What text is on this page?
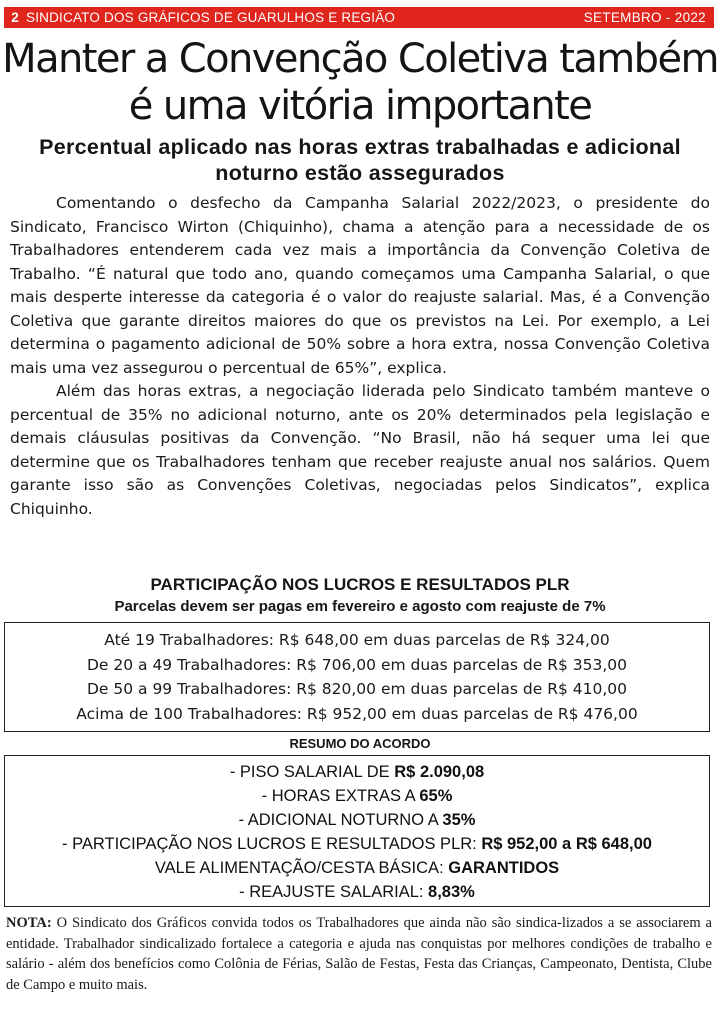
2 SINDICATO DOS GRÁFICOS DE GUARULHOS E REGIÃO	SETEMBRO - 2022
Manter a Convenção Coletiva também é uma vitória importante
Percentual aplicado nas horas extras trabalhadas e adicional noturno estão assegurados

Comentando o desfecho da Campanha Salarial 2022/2023, o presidente do Sindicato, Francisco Wirton (Chiquinho), chama a atenção para a necessidade de os Trabalhadores entenderem cada vez mais a importância da Convenção Coletiva de Trabalho. “É natural que todo ano, quando começamos uma Campanha Salarial, o que mais desperte interesse da categoria é o valor do reajuste salarial. Mas, é a Convenção Coletiva que garante direitos maiores do que os previstos na Lei. Por exemplo, a Lei determina o pagamento adicional de 50% sobre a hora extra, nossa Convenção Coletiva mais uma vez assegurou o percentual de 65%”, explica.

Além das horas extras, a negociação liderada pelo Sindicato também manteve o percentual de 35% no adicional noturno, ante os 20% determinados pela legislação e demais cláusulas positivas da Convenção. “No Brasil, não há sequer uma lei que determine que os Trabalhadores tenham que receber reajuste anual nos salários. Quem garante isso são as Convenções Coletivas, negociadas pelos Sindicatos”, explica Chiquinho.

PARTICIPAÇÃO NOS LUCROS E RESULTADOS PLR
Parcelas devem ser pagas em fevereiro e agosto com reajuste de 7%
Até 19 Trabalhadores: R$ 648,00 em duas parcelas de R$ 324,00
De 20 a 49 Trabalhadores: R$ 706,00 em duas parcelas de R$ 353,00
De 50 a 99 Trabalhadores: R$ 820,00 em duas parcelas de R$ 410,00
Acima de 100 Trabalhadores: R$ 952,00 em duas parcelas de R$ 476,00
RESUMO DO ACORDO
- PISO SALARIAL DE R$ 2.090,08
- HORAS EXTRAS A 65%
- ADICIONAL NOTURNO A 35%
- PARTICIPAÇÃO NOS LUCROS E RESULTADOS PLR: R$ 952,00 a R$ 648,00
VALE ALIMENTAÇÃO/CESTA BÁSICA: GARANTIDOS
- REAJUSTE SALARIAL: 8,83%
NOTA: O Sindicato dos Gráficos convida todos os Trabalhadores que ainda não são sindica-lizados a se associarem a entidade. Trabalhador sindicalizado fortalece a categoria e ajuda nas conquistas por melhores condições de trabalho e salário - além dos benefícios como Colônia de Férias, Salão de Festas, Festa das Crianças, Campeonato, Dentista, Clube de Campo e muito mais.
